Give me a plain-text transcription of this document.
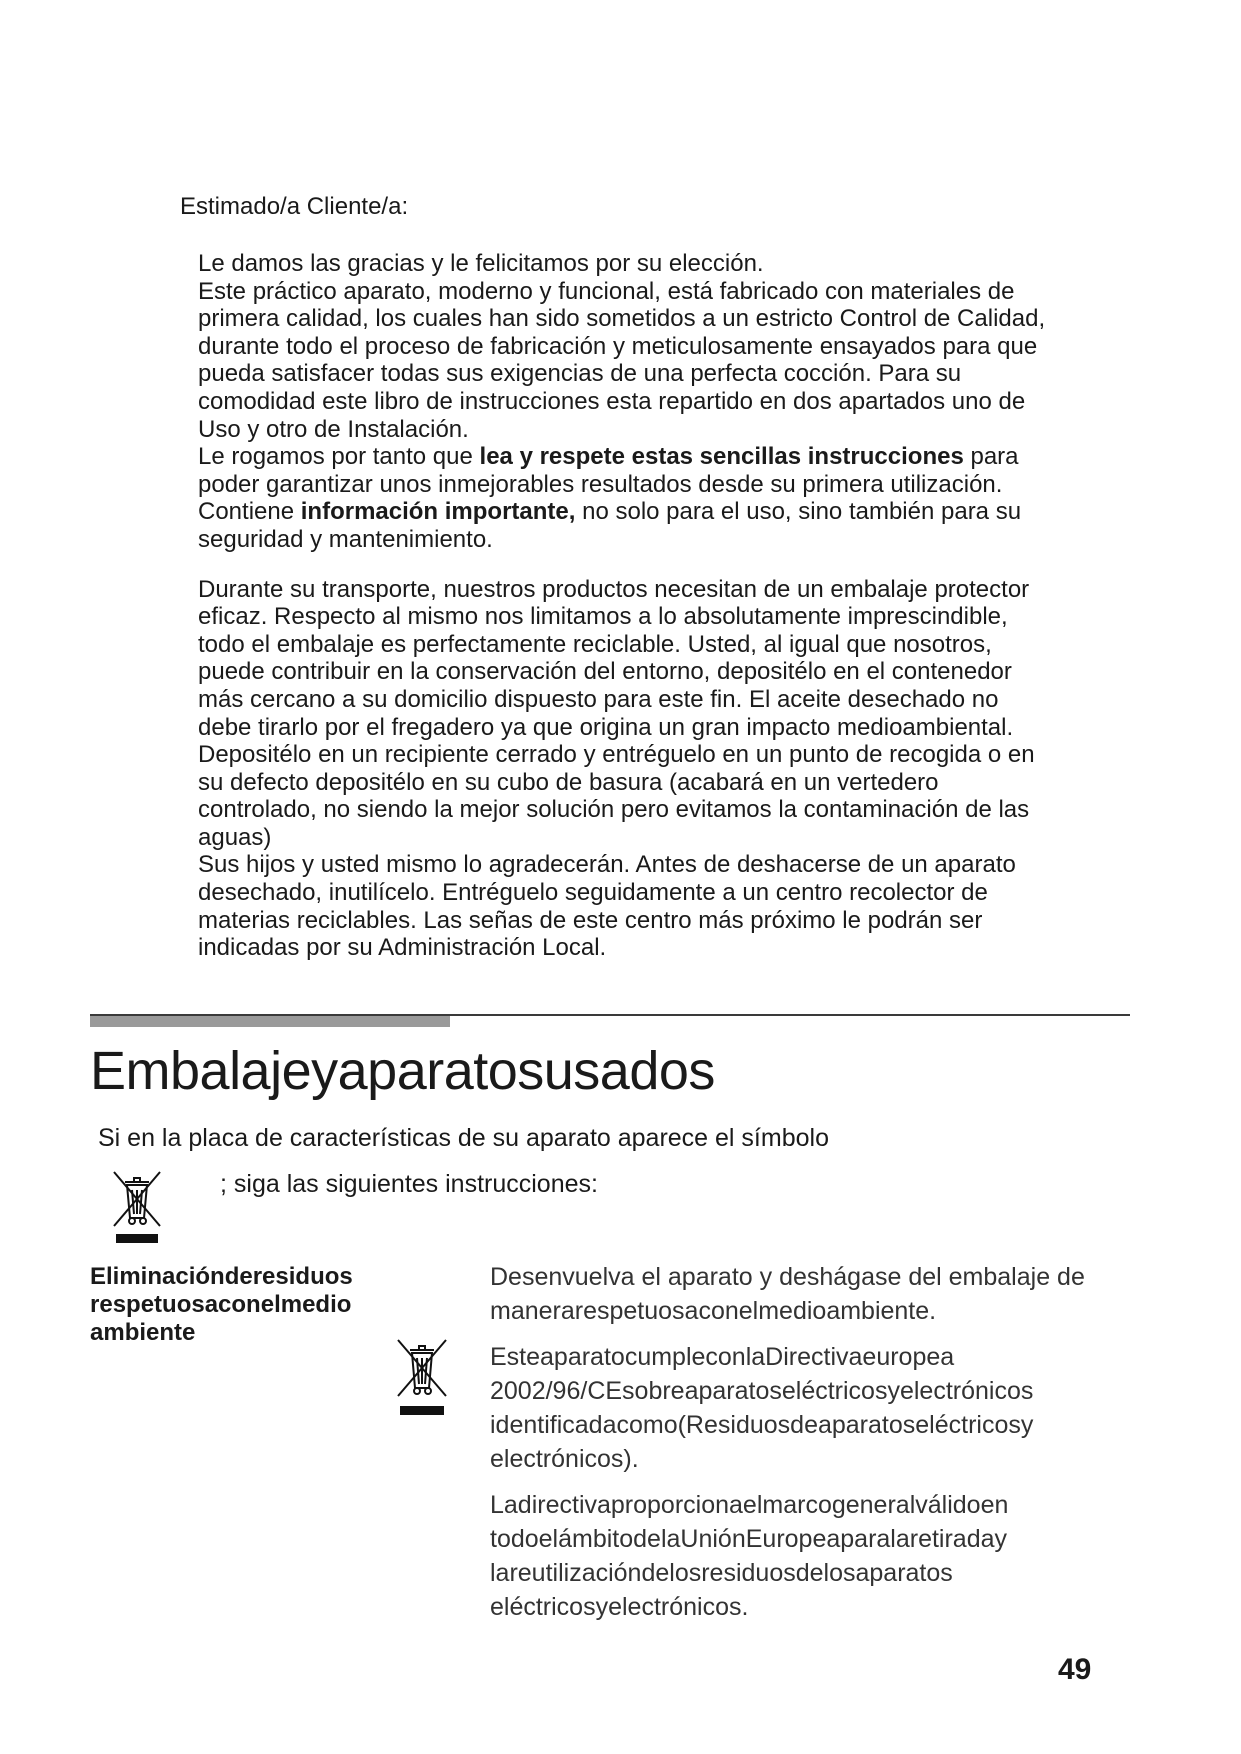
Estimado/a Cliente/a:

Le damos las gracias y le felicitamos por su elección.
Este práctico aparato, moderno y funcional, está fabricado con materiales de primera calidad, los cuales han sido sometidos a un estricto Control de Calidad, durante todo el proceso de fabricación y meticulosamente ensayados para que pueda satisfacer todas sus exigencias de una perfecta cocción. Para su comodidad este libro de instrucciones esta repartido en dos apartados uno de Uso y otro de Instalación.
Le rogamos por tanto que lea y respete estas sencillas instrucciones para poder garantizar unos inmejorables resultados desde su primera utilización. Contiene información importante, no solo para el uso, sino también para su seguridad y mantenimiento.

Durante su transporte, nuestros productos necesitan de un embalaje protector eficaz. Respecto al mismo nos limitamos a lo absolutamente imprescindible, todo el embalaje es perfectamente reciclable. Usted, al igual que nosotros, puede contribuir en la conservación del entorno, depositélo en el contenedor más cercano a su domicilio dispuesto para este fin. El aceite desechado no debe tirarlo por el fregadero ya que origina un gran impacto medioambiental. Depositélo en un recipiente cerrado y entréguelo en un punto de recogida o en su defecto depositélo en su cubo de basura (acabará en un vertedero controlado, no siendo la mejor solución pero evitamos la contaminación de las aguas)
Sus hijos y usted mismo lo agradecerán. Antes de deshacerse de un aparato desechado, inutilícelo. Entréguelo seguidamente a un centro recolector de materias reciclables. Las señas de este centro más próximo le podrán ser indicadas por su Administración Local.

Embalajeyaparatosusados
Si en la placa de características de su aparato aparece el símbolo
; siga las siguientes instrucciones:
Eliminaciónderesiduos respetuosaconelmedio ambiente

Desenvuelva el aparato y deshágase del embalaje de manerarespetuosaconelmedioambiente.

EsteaparatocumpleconlaDirectivaeuropea 2002/96/CEsobreaparatoseléctricosyelectrónicos identificadacomo(Residuosdeaparatoseléctricosy electrónicos).

Ladirectivaproporcionaelmarcogeneralválidoen todoelámbitodelaUniónEuropeaparalaretiraday lareutilizacióndelosresiduosdelosaparatos eléctricosyelectrónicos.

49
